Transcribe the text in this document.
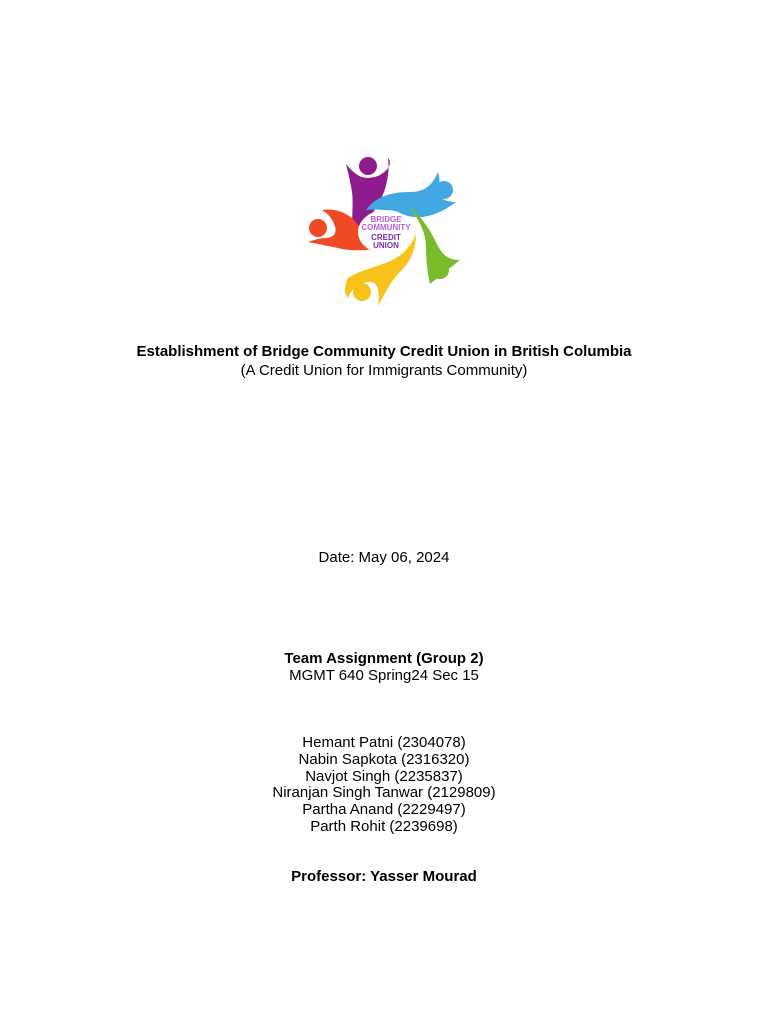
BRIDGE
COMMUNITY
CREDIT
UNION
Establishment of Bridge Community Credit Union in British Columbia
(A Credit Union for Immigrants Community)
Date: May 06, 2024
Team Assignment (Group 2)
MGMT 640 Spring24 Sec 15
Hemant Patni (2304078)
Nabin Sapkota (2316320)
Navjot Singh (2235837)
Niranjan Singh Tanwar (2129809)
Partha Anand (2229497)
Parth Rohit (2239698)
Professor: Yasser Mourad
